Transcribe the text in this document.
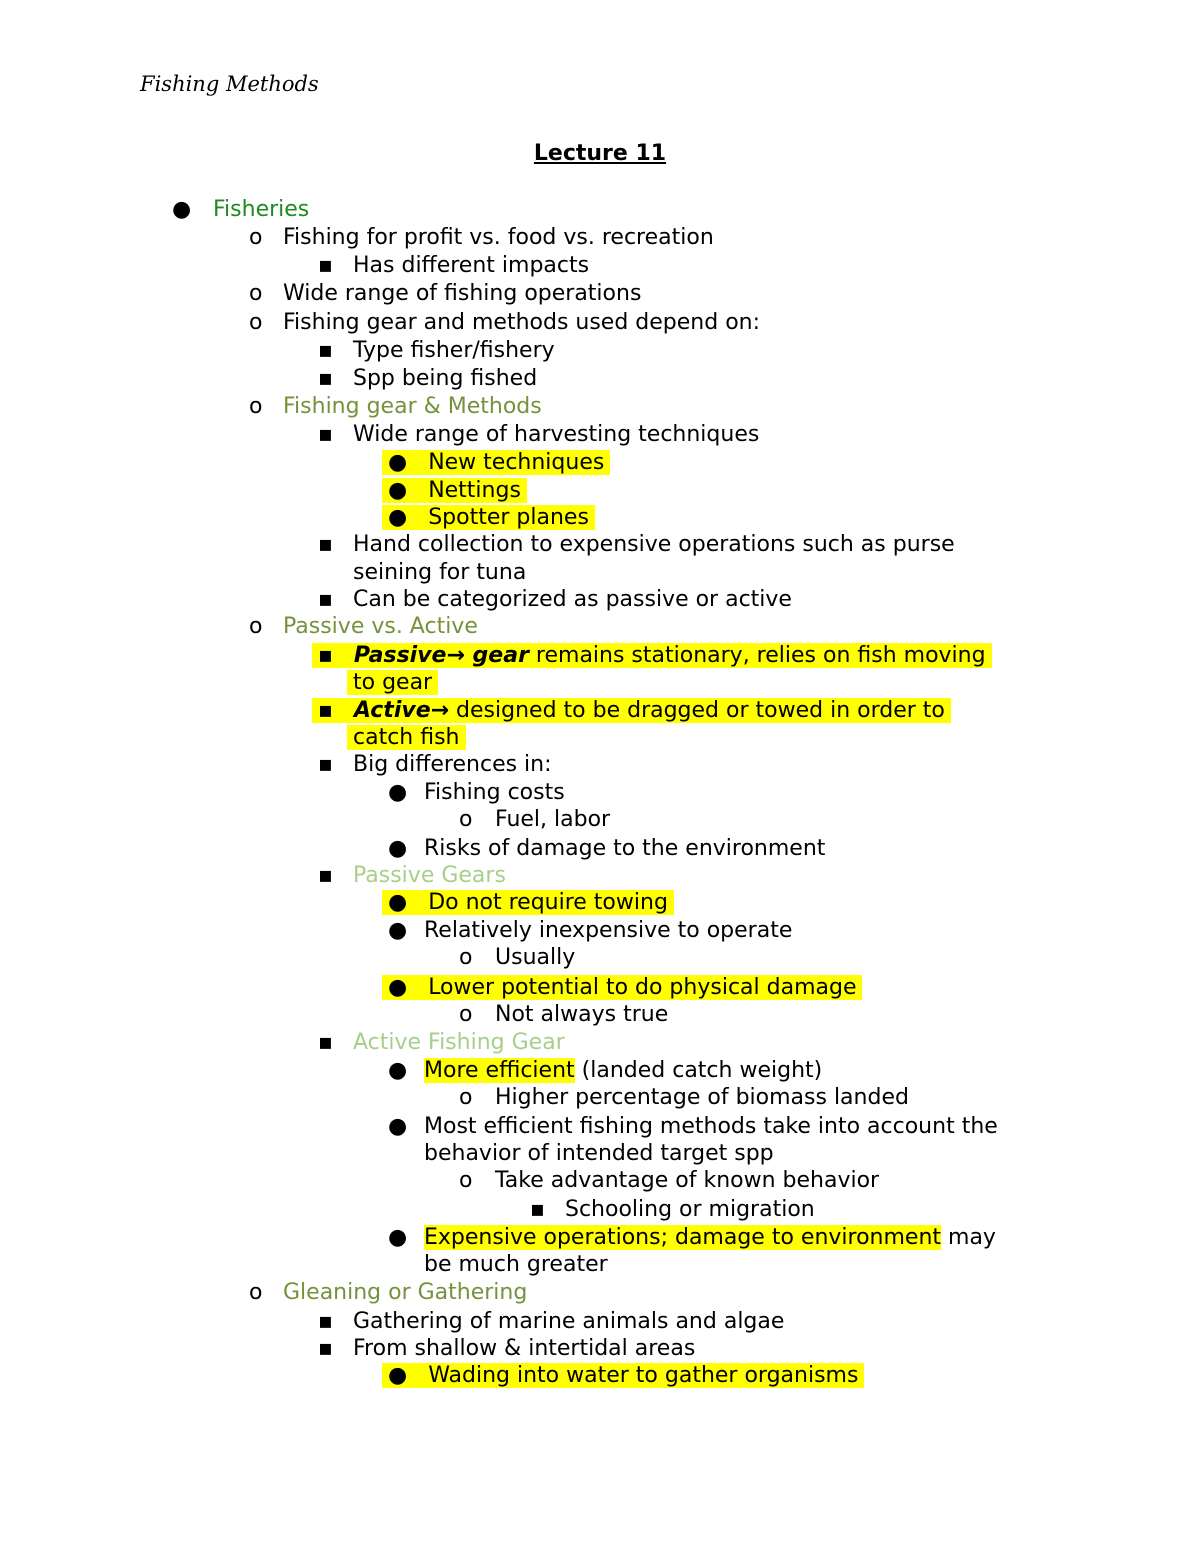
Fishing Methods
Lecture 11
● Fisheries
o Fishing for profit vs. food vs. recreation
▪ Has different impacts
o Wide range of fishing operations
o Fishing gear and methods used depend on:
▪ Type fisher/fishery
▪ Spp being fished
o Fishing gear & Methods
▪ Wide range of harvesting techniques
● New techniques
● Nettings
● Spotter planes
▪ Hand collection to expensive operations such as purse
seining for tuna
▪ Can be categorized as passive or active
o Passive vs. Active
▪ Passive→ gear remains stationary, relies on fish moving
to gear
▪ Active→ designed to be dragged or towed in order to
catch fish
▪ Big differences in:
● Fishing costs
o Fuel, labor
● Risks of damage to the environment
▪ Passive Gears
● Do not require towing
● Relatively inexpensive to operate
o Usually
● Lower potential to do physical damage
o Not always true
▪ Active Fishing Gear
● More efficient (landed catch weight)
o Higher percentage of biomass landed
● Most efficient fishing methods take into account the
behavior of intended target spp
o Take advantage of known behavior
▪ Schooling or migration
● Expensive operations; damage to environment may
be much greater
o Gleaning or Gathering
▪ Gathering of marine animals and algae
▪ From shallow & intertidal areas
● Wading into water to gather organisms
